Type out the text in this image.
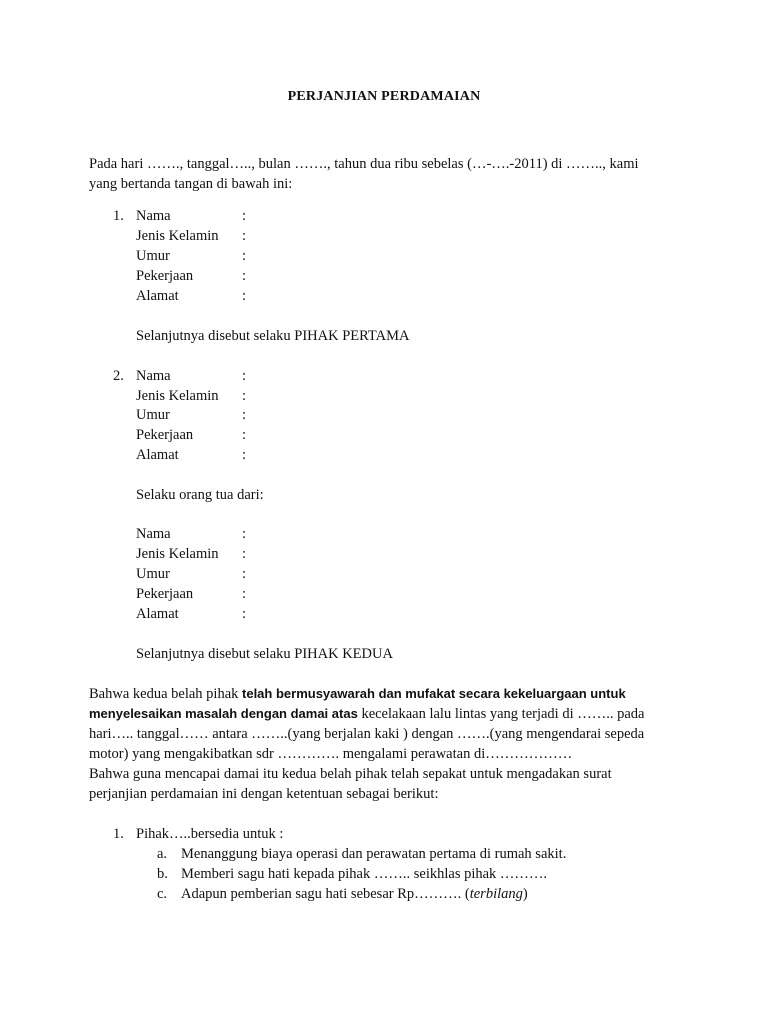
PERJANJIAN PERDAMAIAN
Pada hari ……., tanggal….., bulan ……., tahun dua ribu sebelas (…-….-2011) di …….., kami
yang bertanda tangan di bawah ini:
1. Nama	:
Jenis Kelamin :
Umur	:
Pekerjaan	:
Alamat	:
Selanjutnya disebut selaku PIHAK PERTAMA
2. Nama	:
Jenis Kelamin :
Umur	:
Pekerjaan	:
Alamat	:
Selaku orang tua dari:
Nama	:
Jenis Kelamin :
Umur	:
Pekerjaan	:
Alamat	:
Selanjutnya disebut selaku PIHAK KEDUA
Bahwa kedua belah pihak telah bermusyawarah dan mufakat secara kekeluargaan untuk
menyelesaikan masalah dengan damai atas kecelakaan lalu lintas yang terjadi di …….. pada
hari….. tanggal…… antara ……..(yang berjalan kaki ) dengan …….(yang mengendarai sepeda
motor) yang mengakibatkan sdr …………. mengalami perawatan di………………
Bahwa guna mencapai damai itu kedua belah pihak telah sepakat untuk mengadakan surat
perjanjian perdamaian ini dengan ketentuan sebagai berikut:
1. Pihak…..bersedia untuk :
a. Menanggung biaya operasi dan perawatan pertama di rumah sakit.
b. Memberi sagu hati kepada pihak …….. seikhlas pihak ……….
c. Adapun pemberian sagu hati sebesar Rp………. (terbilang)
